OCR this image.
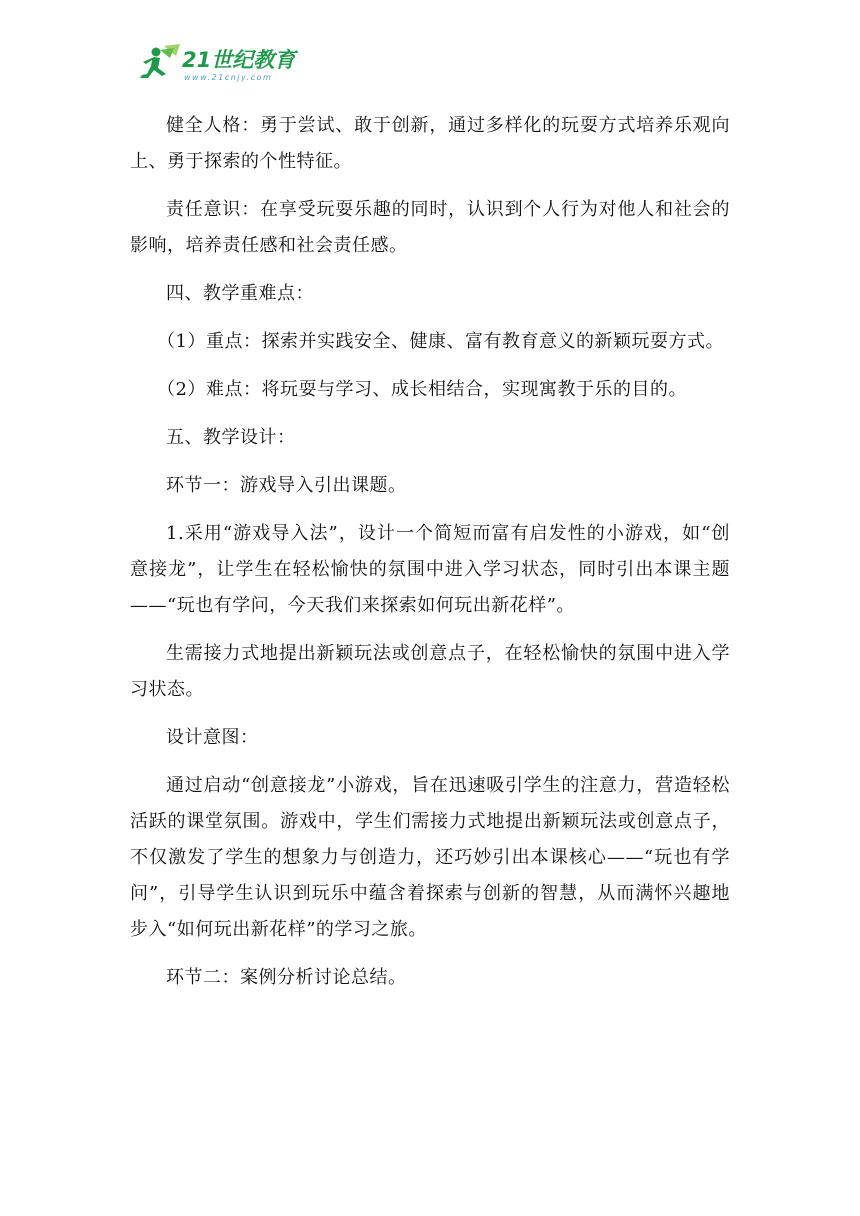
21世纪教育
www.21cnjy.com

健全人格：勇于尝试、敢于创新，通过多样化的玩耍方式培养乐观向上、勇于探索的个性特征。

责任意识：在享受玩耍乐趣的同时，认识到个人行为对他人和社会的影响，培养责任感和社会责任感。

四、教学重难点：

（1）重点：探索并实践安全、健康、富有教育意义的新颖玩耍方式。

（2）难点：将玩耍与学习、成长相结合，实现寓教于乐的目的。

五、教学设计：

环节一：游戏导入引出课题。

1.采用“游戏导入法”，设计一个简短而富有启发性的小游戏，如“创意接龙”，让学生在轻松愉快的氛围中进入学习状态，同时引出本课主题——“玩也有学问，今天我们来探索如何玩出新花样”。

生需接力式地提出新颖玩法或创意点子，在轻松愉快的氛围中进入学习状态。

设计意图：

通过启动“创意接龙”小游戏，旨在迅速吸引学生的注意力，营造轻松活跃的课堂氛围。游戏中，学生们需接力式地提出新颖玩法或创意点子，不仅激发了学生的想象力与创造力，还巧妙引出本课核心——“玩也有学问”，引导学生认识到玩乐中蕴含着探索与创新的智慧，从而满怀兴趣地步入“如何玩出新花样”的学习之旅。

环节二：案例分析讨论总结。
